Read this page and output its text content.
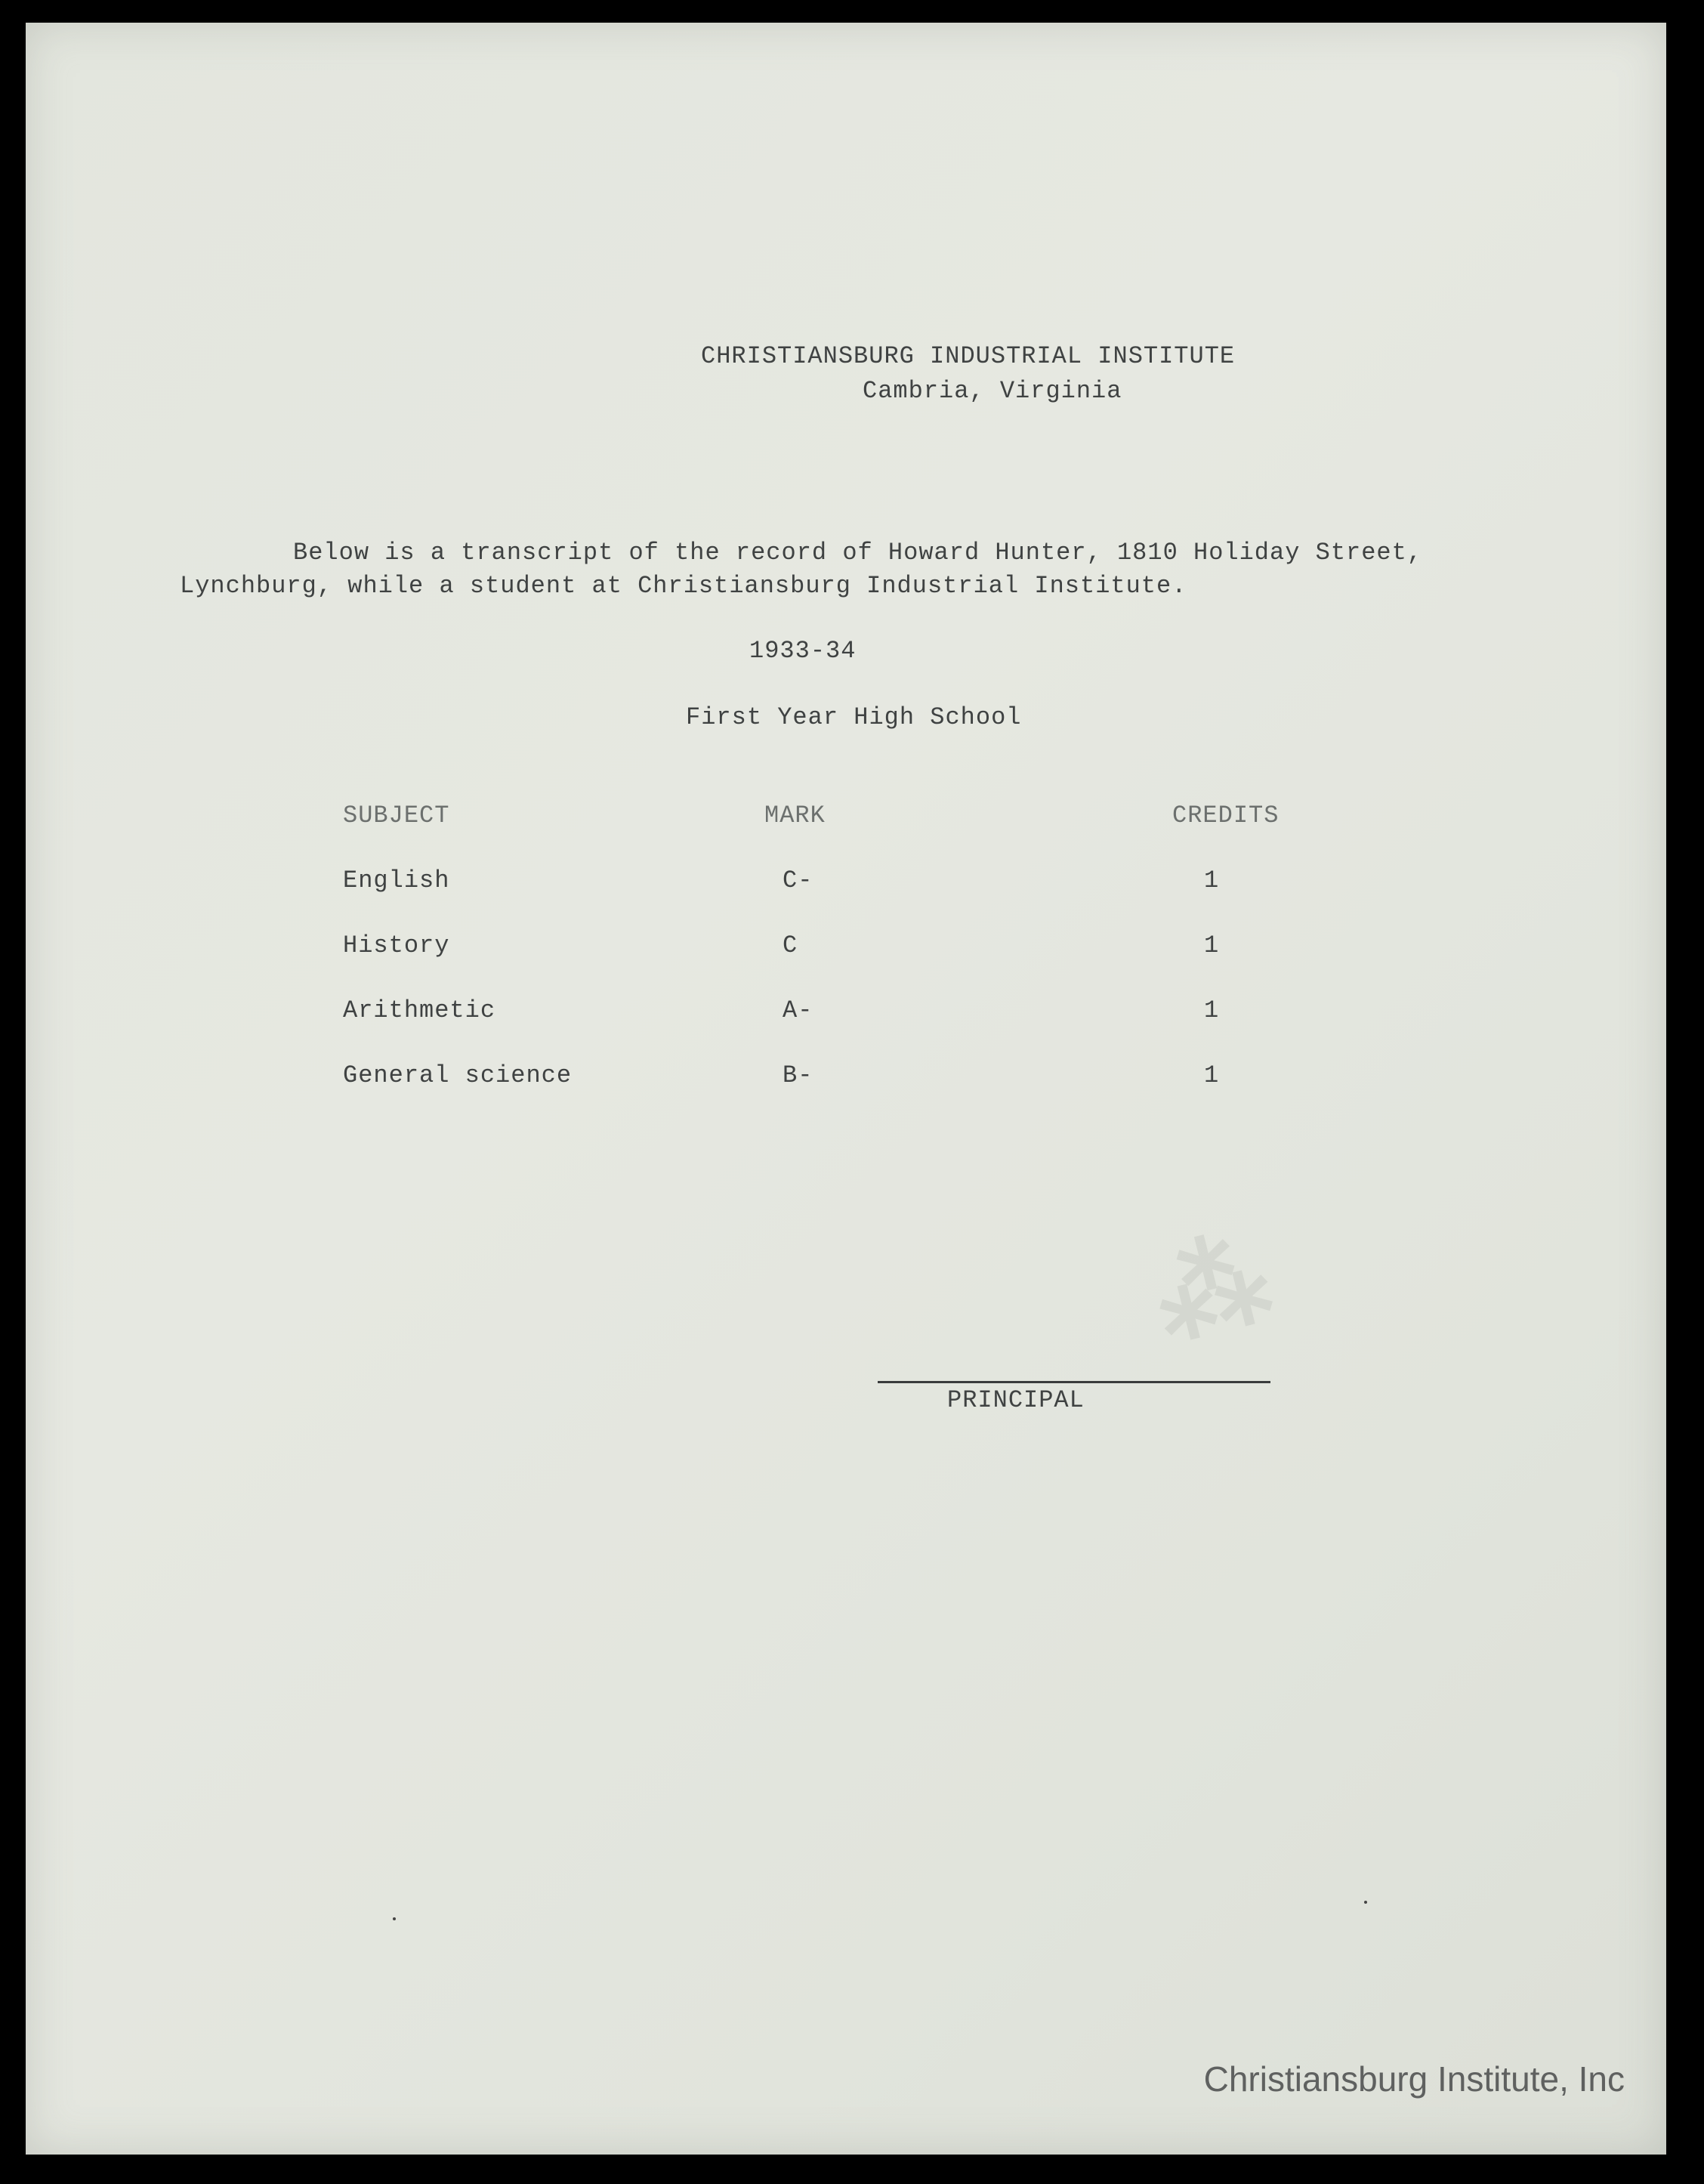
⁂
CHRISTIANSBURG INDUSTRIAL INSTITUTE
Cambria, Virginia
Below is a transcript of the record of Howard Hunter, 1810 Holiday Street,
Lynchburg, while a student at Christiansburg Industrial Institute.
1933-34
First Year High School
SUBJECT	MARK	CREDITS
English	C-	1
History	C	1
Arithmetic	A-	1
General science	B-	1
PRINCIPAL
Christiansburg Institute, Inc
